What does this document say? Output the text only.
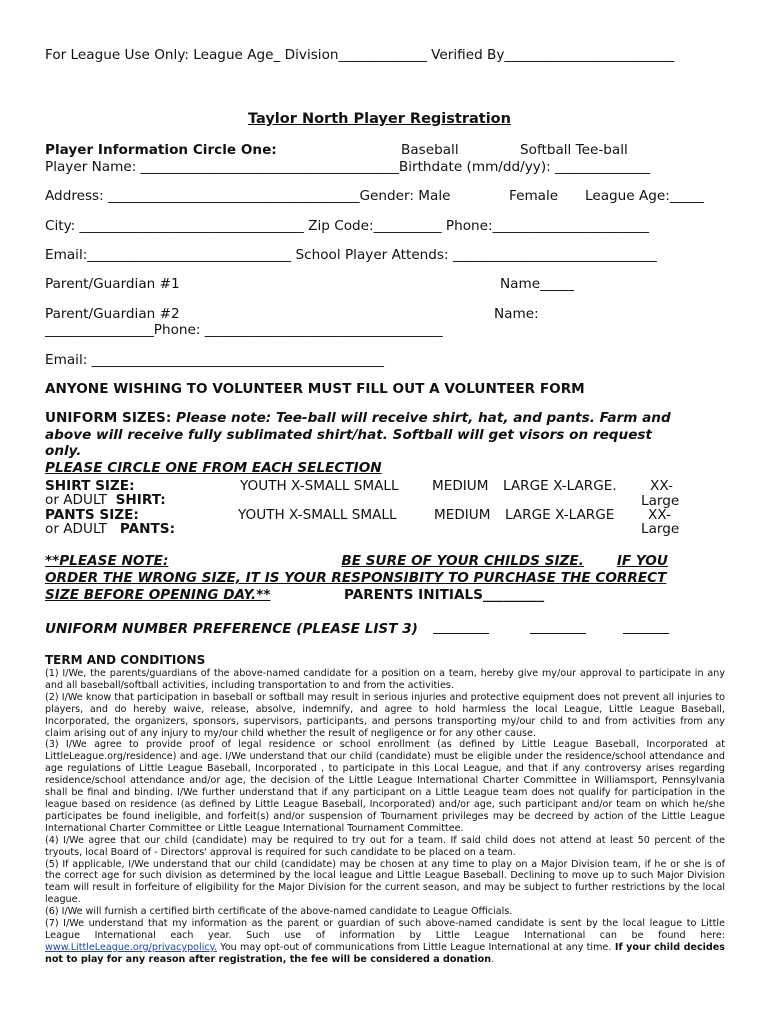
For League Use Only: League Age_ Division_____________ Verified By_________________________
Taylor North Player Registration
Player Information Circle One:	Baseball	Softball Tee-ball
Player Name: ______________________________________Birthdate (mm/dd/yy): ______________
Address: _____________________________________Gender: Male	Female League Age:_____
City: _________________________________ Zip Code:__________ Phone:_______________________
Email:______________________________ School Player Attends: ______________________________
Parent/Guardian #1	Name_____
Parent/Guardian #2	Name:
________________Phone: ___________________________________
Email: ___________________________________________
ANYONE WISHING TO VOLUNTEER MUST FILL OUT A VOLUNTEER FORM
UNIFORM SIZES: Please note: Tee-ball will receive shirt, hat, and pants. Farm and
above will receive fully sublimated shirt/hat. Softball will get visors on request
only.
PLEASE CIRCLE ONE FROM EACH SELECTION
SHIRT SIZE:
or ADULT SHIRT:
YOUTH X-SMALL SMALL MEDIUM LARGE X-LARGE. XX-
Large
PANTS SIZE:
or ADULT PANTS:
YOUTH X-SMALL SMALL	MEDIUM LARGE X-LARGE XX-
Large
**PLEASE NOTE:	BE SURE OF YOUR CHILDS SIZE. IF YOU
ORDER THE WRONG SIZE, IT IS YOUR RESPONSIBITY TO PURCHASE THE CORRECT
SIZE BEFORE OPENING DAY.**	PARENTS INITIALS_________
UNIFORM NUMBER PREFERENCE (PLEASE LIST 3)
TERM AND CONDITIONS

(1) I/We, the parents/guardians of the above-named candidate for a position on a team, hereby give my/our approval to participate in any and all baseball/softball activities, including transportation to and from the activities.

(2) I/We know that participation in baseball or softball may result in serious injuries and protective equipment does not prevent all injuries to players, and do hereby waive, release, absolve, indemnify, and agree to hold harmless the local League, Little League Baseball, Incorporated, the organizers, sponsors, supervisors, participants, and persons transporting my/our child to and from activities from any claim arising out of any injury to my/our child whether the result of negligence or for any other cause.

(3) I/We agree to provide proof of legal residence or school enrollment (as defined by Little League Baseball, Incorporated at LittleLeague.org/residence) and age. I/We understand that our child (candidate) must be eligible under the residence/school attendance and age regulations of Little League Baseball, Incorporated , to participate in this Local League, and that if any controversy arises regarding residence/school attendance and/or age, the decision of the Little League International Charter Committee in Williamsport, Pennsylvania shall be final and binding. I/We further understand that if any participant on a Little League team does not qualify for participation in the league based on residence (as defined by Little League Baseball, Incorporated) and/or age, such participant and/or team on which he/she participates be found ineligible, and forfeit(s) and/or suspension of Tournament privileges may be decreed by action of the Little League International Charter Committee or Little League International Tournament Committee.

(4) I/We agree that our child (candidate) may be required to try out for a team. If said child does not attend at least 50 percent of the tryouts, local Board of - Directors' approval is required for such candidate to be placed on a team.

(5) If applicable, I/We understand that our child (candidate) may be chosen at any time to play on a Major Division team, if he or she is of the correct age for such division as determined by the local league and Little League Baseball. Declining to move up to such Major Division team will result in forfeiture of eligibility for the Major Division for the current season, and may be subject to further restrictions by the local league.

(6) I/We will furnish a certified birth certificate of the above-named candidate to League Officials.

(7) I/We understand that my information as the parent or guardian of such above-named candidate is sent by the local league to Little League International each year. Such use of information by Little League International can be found here: www.LittleLeague.org/privacypolicy. You may opt-out of communications from Little League International at any time. If your child decides not to play for any reason after registration, the fee will be considered a donation.
